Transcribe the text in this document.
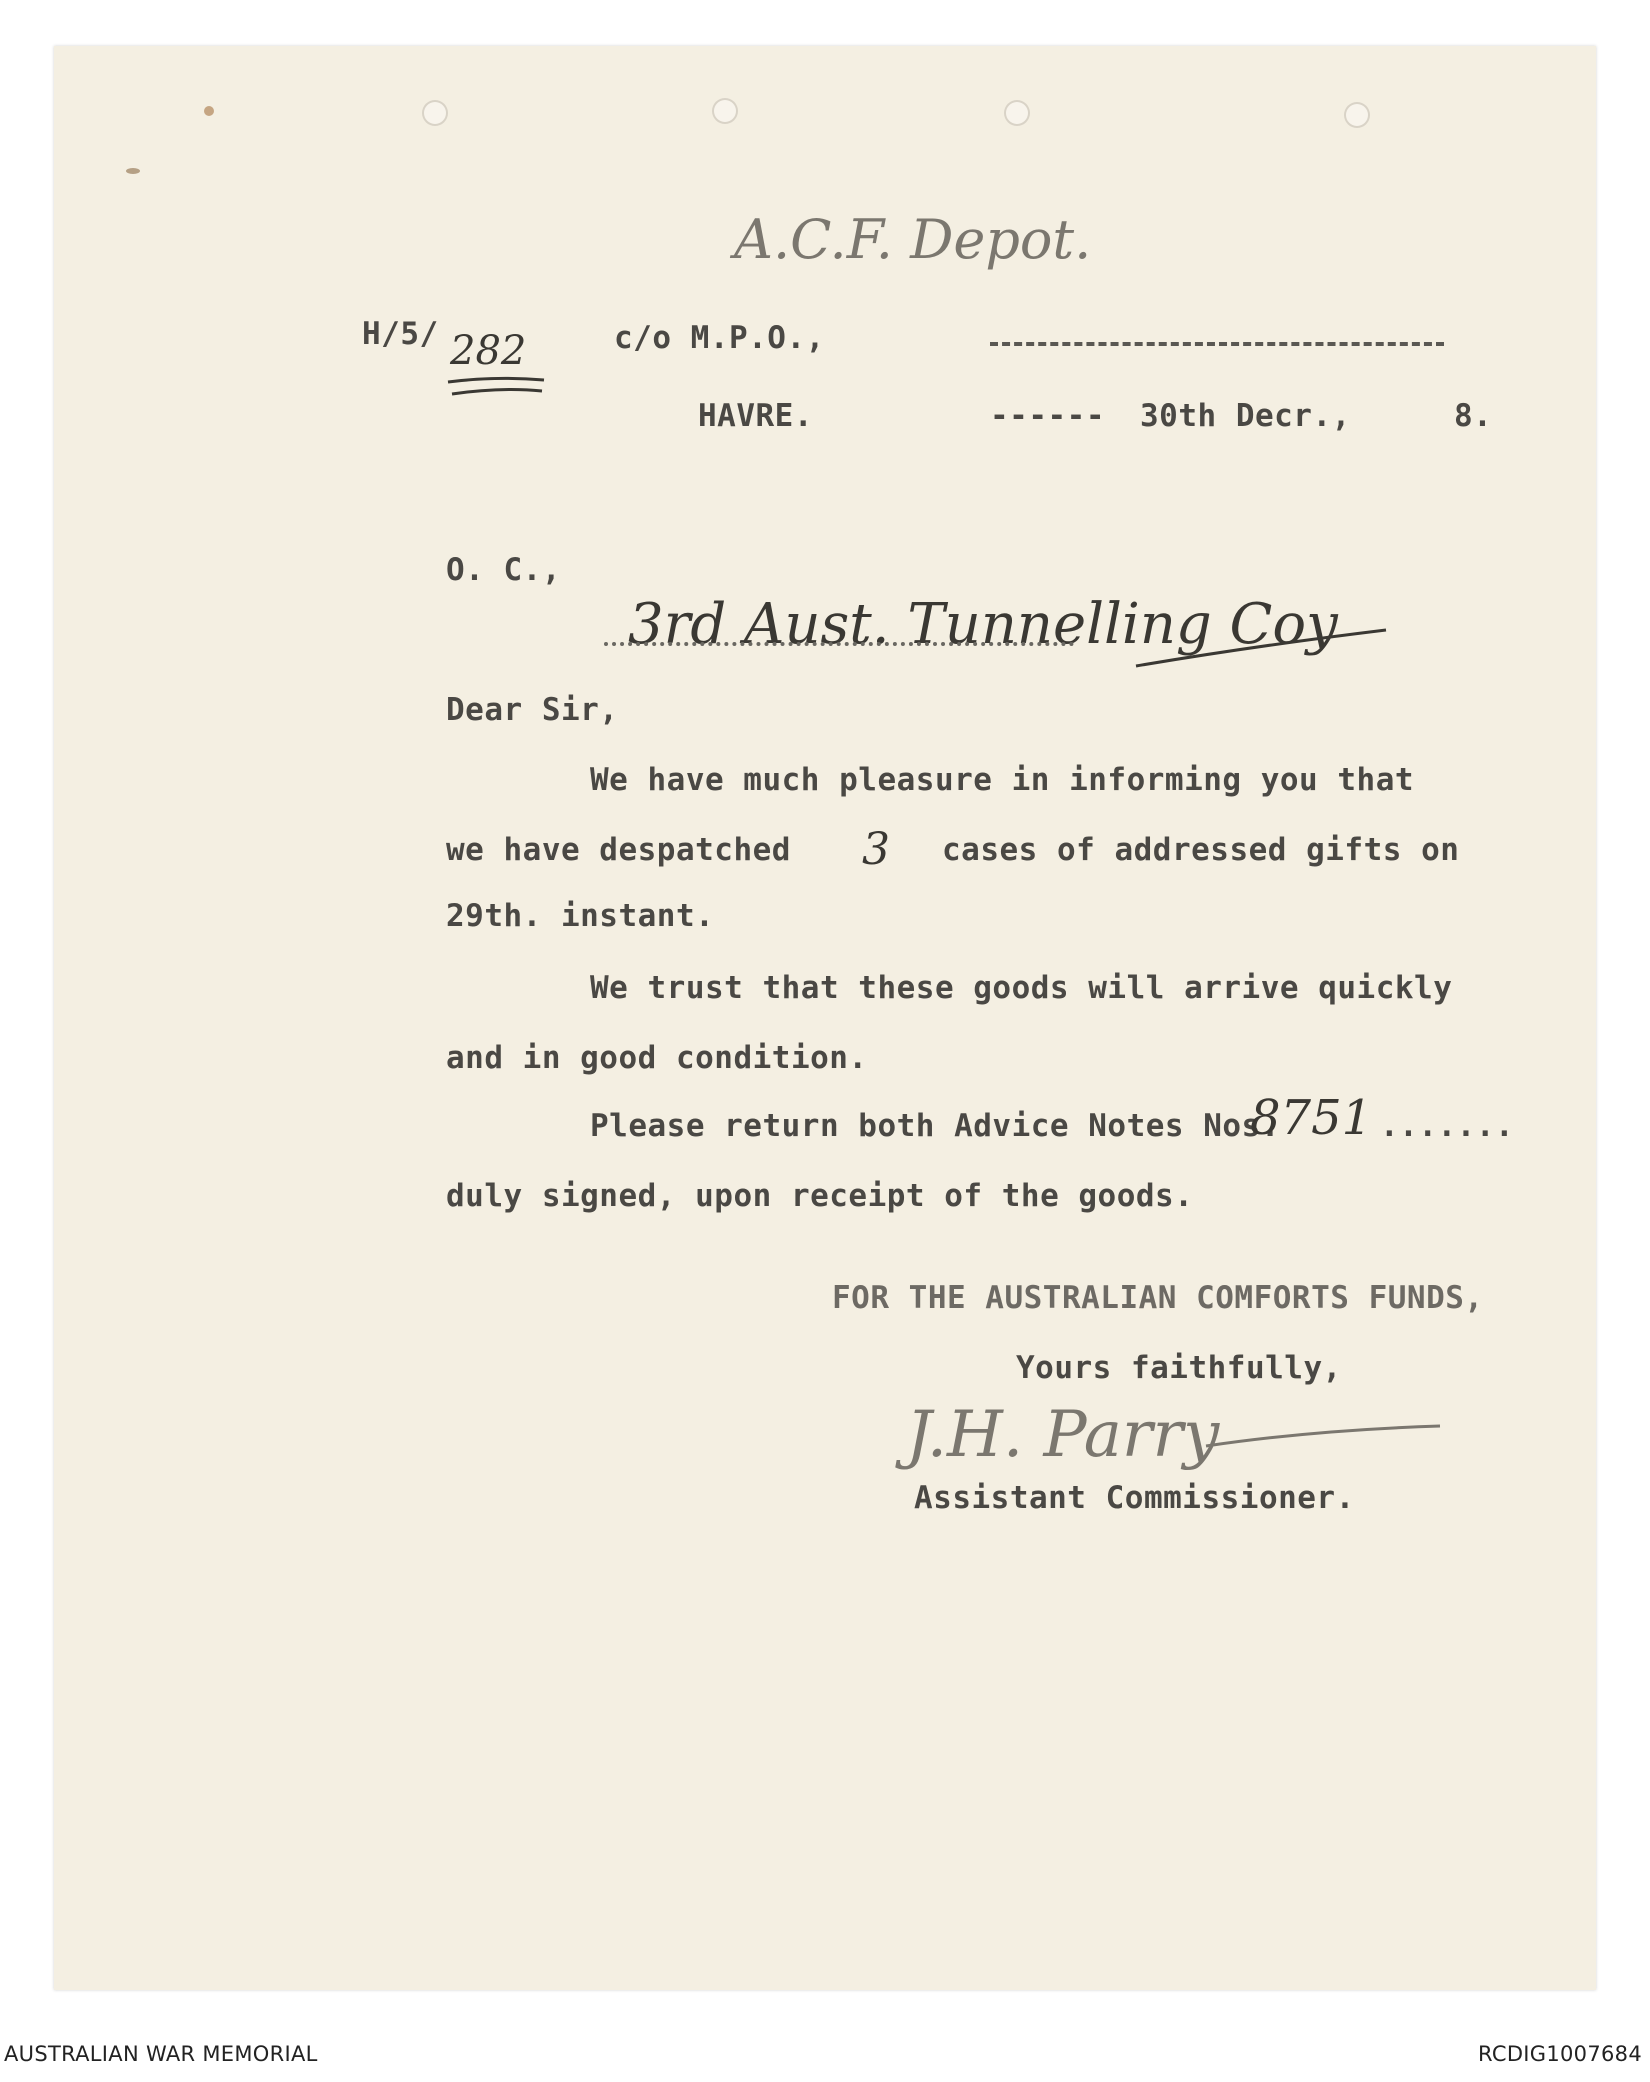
A.C.F. Depot.
H/5/ 282	c/o M.P.O.,
HAVRE.	------ 30th Decr.,	8.
O. C.,
3rd Aust. Tunnelling Coy
Dear Sir,
We have much pleasure in informing you that
we have despatched 3 cases of addressed gifts on
29th. instant.
We trust that these goods will arrive quickly
and in good condition.
Please return both Advice Notes Nos.
8751 .......
duly signed, upon receipt of the goods.
FOR THE AUSTRALIAN COMFORTS FUNDS,
Yours faithfully,
J.H. Parry
Assistant Commissioner.
AUSTRALIAN WAR MEMORIAL	RCDIG1007684
